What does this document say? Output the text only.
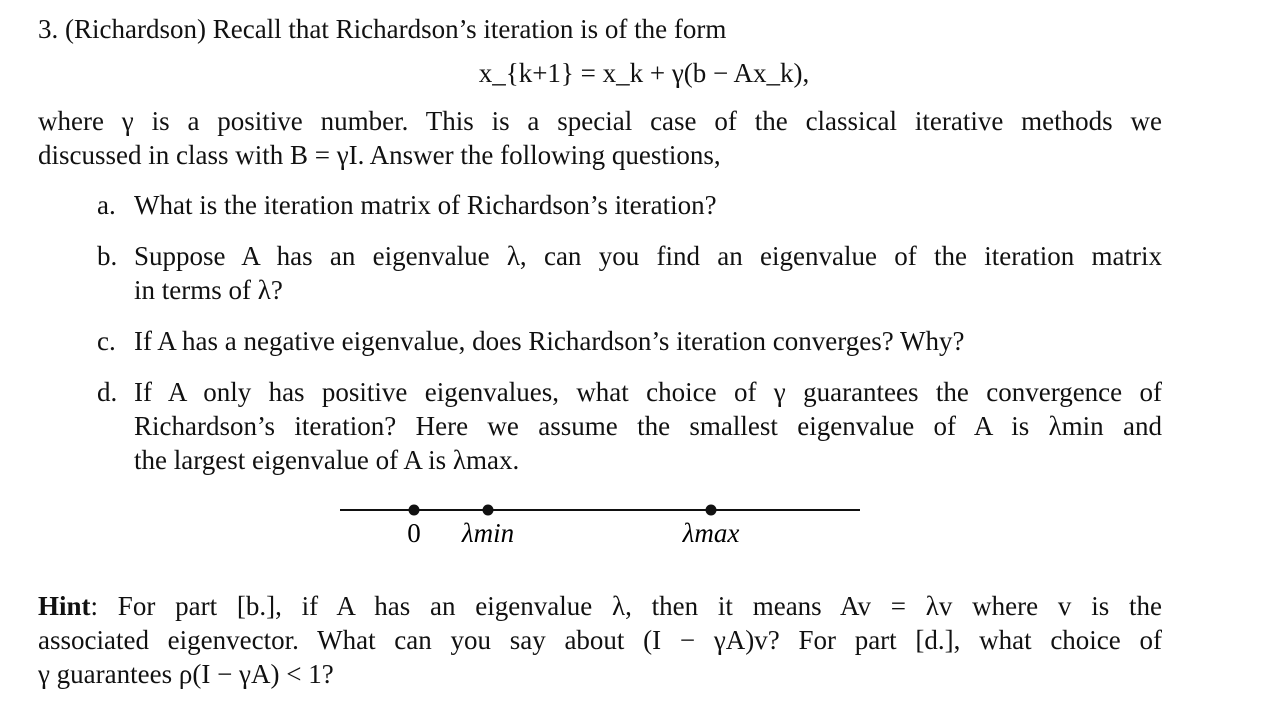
3. (Richardson) Recall that Richardson’s iteration is of the form
x_{k+1} = x_k + γ(b − Ax_k),
where γ is a positive number. This is a special case of the classical iterative methods we
discussed in class with B = γI. Answer the following questions,
a. What is the iteration matrix of Richardson’s iteration?
b. Suppose A has an eigenvalue λ, can you find an eigenvalue of the iteration matrix
in terms of λ?
c. If A has a negative eigenvalue, does Richardson’s iteration converges? Why?
d. If A only has positive eigenvalues, what choice of γ guarantees the convergence of
Richardson’s iteration? Here we assume the smallest eigenvalue of A is λmin and
the largest eigenvalue of A is λmax.
0 λmin	λmax
Hint: For part [b.], if A has an eigenvalue λ, then it means Av = λv where v is the
associated eigenvector. What can you say about (I − γA)v? For part [d.], what choice of
γ guarantees ρ(I − γA) < 1?
